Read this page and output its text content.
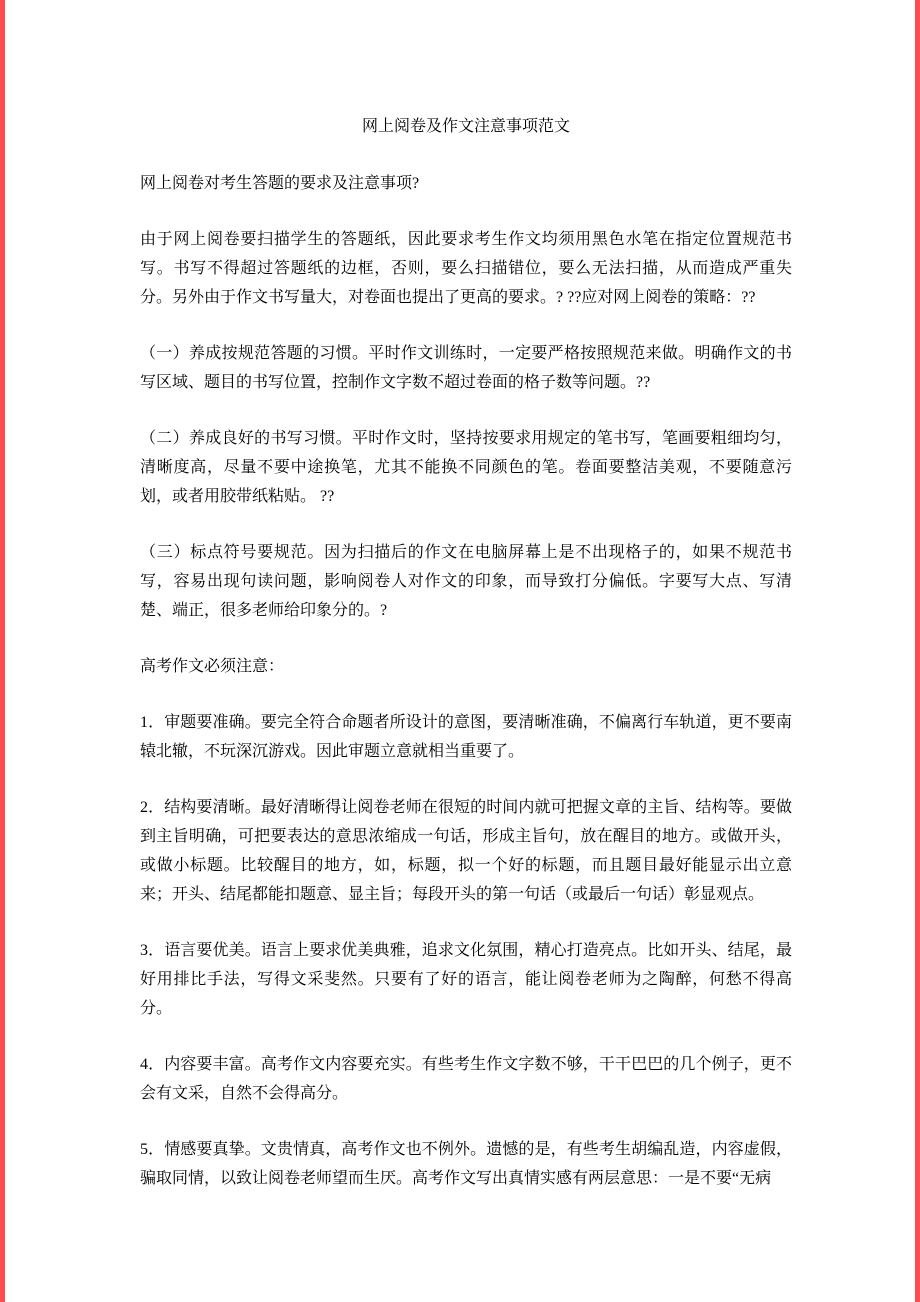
网上阅卷及作文注意事项范文

网上阅卷对考生答题的要求及注意事项?

由于网上阅卷要扫描学生的答题纸，因此要求考生作文均须用黑色水笔在指定位置规范书写。书写不得超过答题纸的边框，否则，要么扫描错位，要么无法扫描，从而造成严重失分。另外由于作文书写量大，对卷面也提出了更高的要求。? ??应对网上阅卷的策略：??

（一）养成按规范答题的习惯。平时作文训练时，一定要严格按照规范来做。明确作文的书写区域、题目的书写位置，控制作文字数不超过卷面的格子数等问题。??

（二）养成良好的书写习惯。平时作文时，坚持按要求用规定的笔书写，笔画要粗细均匀，清晰度高，尽量不要中途换笔，尤其不能换不同颜色的笔。卷面要整洁美观，不要随意污划，或者用胶带纸粘贴。 ??

（三）标点符号要规范。因为扫描后的作文在电脑屏幕上是不出现格子的，如果不规范书写，容易出现句读问题，影响阅卷人对作文的印象，而导致打分偏低。字要写大点、写清楚、端正，很多老师给印象分的。?

高考作文必须注意：

1．审题要准确。要完全符合命题者所设计的意图，要清晰准确，不偏离行车轨道，更不要南辕北辙，不玩深沉游戏。因此审题立意就相当重要了。

2．结构要清晰。最好清晰得让阅卷老师在很短的时间内就可把握文章的主旨、结构等。要做到主旨明确，可把要表达的意思浓缩成一句话，形成主旨句，放在醒目的地方。或做开头，或做小标题。比较醒目的地方，如，标题，拟一个好的标题，而且题目最好能显示出立意来；开头、结尾都能扣题意、显主旨；每段开头的第一句话（或最后一句话）彰显观点。

3．语言要优美。语言上要求优美典雅，追求文化氛围，精心打造亮点。比如开头、结尾，最好用排比手法，写得文采斐然。只要有了好的语言，能让阅卷老师为之陶醉，何愁不得高分。

4．内容要丰富。高考作文内容要充实。有些考生作文字数不够，干干巴巴的几个例子，更不会有文采，自然不会得高分。

5．情感要真挚。文贵情真，高考作文也不例外。遗憾的是，有些考生胡编乱造，内容虚假，骗取同情，以致让阅卷老师望而生厌。高考作文写出真情实感有两层意思：一是不要“无病
